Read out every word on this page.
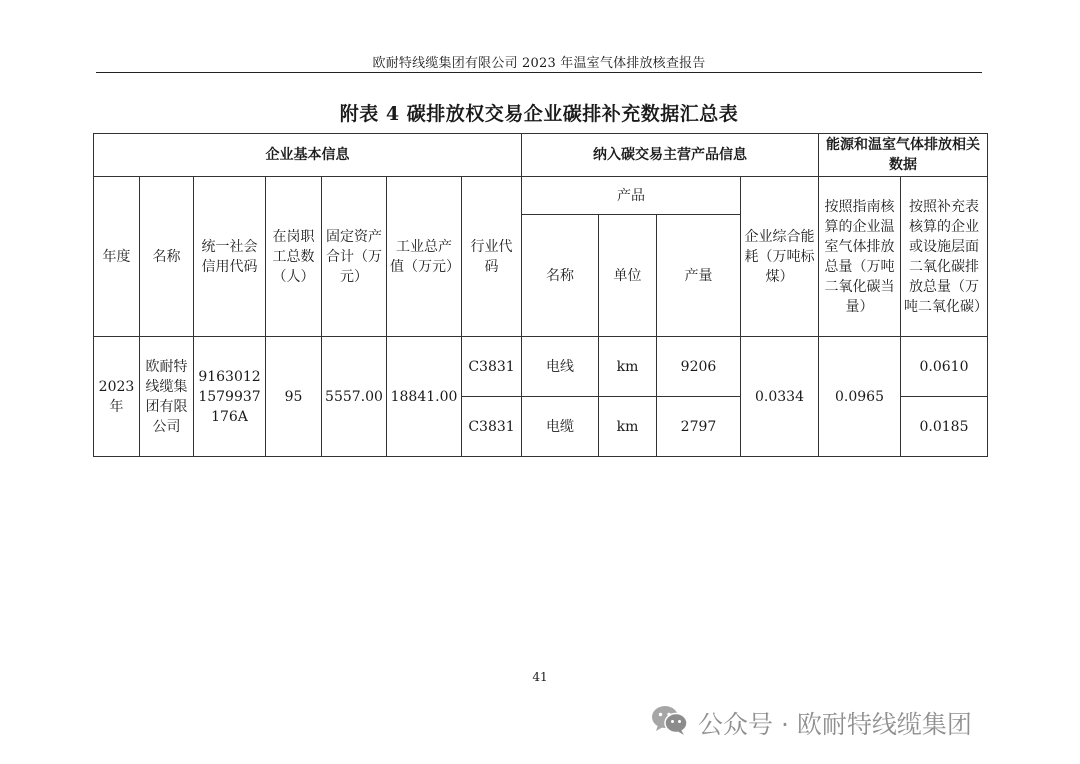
欧耐特线缆集团有限公司 2023 年温室气体排放核查报告
附表 4 碳排放权交易企业碳排补充数据汇总表
企业基本信息							纳入碳交易主营产品信息				能源和温室气体排放相关数据	
年度	名称	统一社会信用代码	在岗职工总数（人）	固定资产合计（万元）	工业总产值（万元）	行业代码	产品			企业综合能耗（万吨标煤）	按照指南核算的企业温室气体排放总量（万吨二氧化碳当量）	按照补充表核算的企业或设施层面二氧化碳排放总量（万吨二氧化碳）
							名称	单位	产量			
2023年	欧耐特线缆集团有限公司	91630121579937176A	95	5557.00	18841.00	C3831	电线	km	9206	0.0334	0.0965	0.0610
						C3831	电缆	km	2797			0.0185
41
公众号 · 欧耐特线缆集团
